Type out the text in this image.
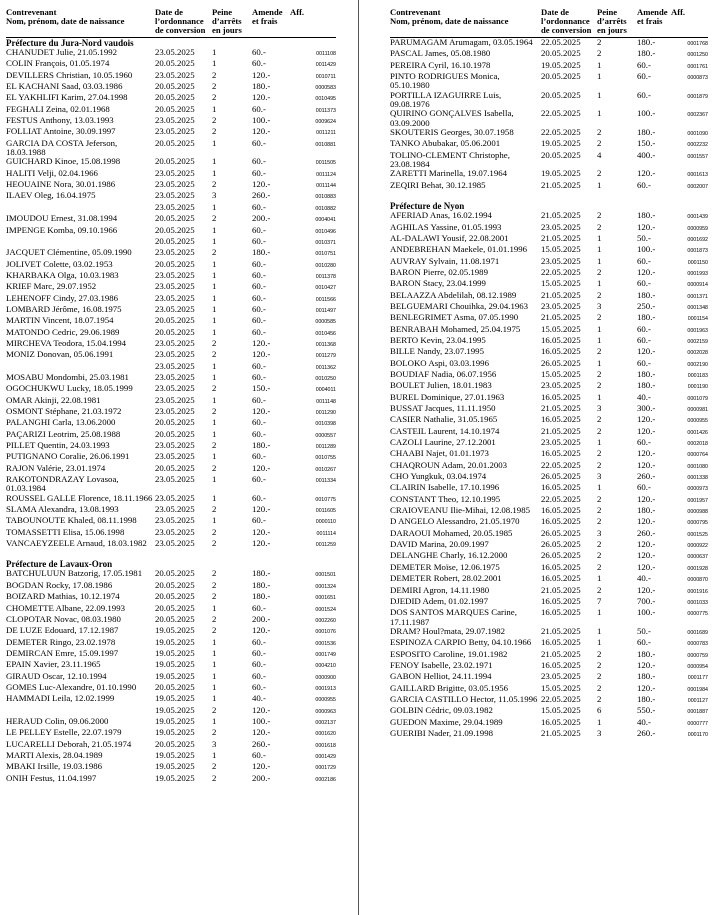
Contrevenant
Nom, prénom, date de naissance
Date de
l’ordonnance
de conversion
Peine
d’arrêts
en jours
Amende
et frais
Aff.
Préfecture du Jura-Nord vaudois
CHANUDET Julie, 21.05.1992	23.05.2025	1	60.-	0011108
COLIN François, 01.05.1974	20.05.2025	1	60.-	0011429
DEVILLERS Christian, 10.05.1960	23.05.2025	2	120.-	0010711
EL KACHANI Saad, 03.03.1986	20.05.2025	2	180.-	0000583
EL YAKHLIFI Karim, 27.04.1998	20.05.2025	2	120.-	0010495
FEGHALI Zeina, 02.01.1968	20.05.2025	1	60.-	0011373
FESTUS Anthony, 13.03.1993	23.05.2025	2	100.-	0009624
FOLLIAT Antoine, 30.09.1997	23.05.2025	2	120.-	0011211
GARCIA DA COSTA Jeferson, 18.03.1988
20.05.2025	1	60.-	0010881
GUICHARD Kinoe, 15.08.1998	20.05.2025	1	60.-	0011505
HALITI Velji, 02.04.1966	23.05.2025	1	60.-	0011124
HEOUAINE Nora, 30.01.1986	23.05.2025	2	120.-	0011144
ILAEV Oleg, 16.04.1975	23.05.2025	3	260.-	0010883
23.05.2025	1	60.-	0010882
IMOUDOU Ernest, 31.08.1994	20.05.2025	2	200.-	0004041
IMPENGE Komba, 09.10.1966	20.05.2025	1	60.-	0010496
20.05.2025	1	60.-	0010371
JACQUET Clémentine, 05.09.1990	23.05.2025	2	180.-	0010751
JOLIVET Colette, 03.02.1953	20.05.2025	1	60.-	0010280
KHARBAKA Olga, 10.03.1983	23.05.2025	1	60.-	0011378
KRIEF Marc, 29.07.1952	23.05.2025	1	60.-	0010427
LEHENOFF Cindy, 27.03.1986	23.05.2025	1	60.-	0011566
LOMBARD Jérôme, 16.08.1975	23.05.2025	1	60.-	0011497
MARTIN Vincent, 18.07.1954	20.05.2025	1	60.-	0000585
MATONDO Cedric, 29.06.1989	20.05.2025	1	60.-	0010456
MIRCHEVA Teodora, 15.04.1994	23.05.2025	2	120.-	0011368
MONIZ Donovan, 05.06.1991	23.05.2025	2	120.-	0011279
23.05.2025	1	60.-	0011362
MOSABU Mondombi, 25.03.1981	23.05.2025	1	60.-	0010250
OGOCHUKWU Lucky, 18.05.1999	23.05.2025	2	150.-	0004011
OMAR Akinji, 22.08.1981	23.05.2025	1	60.-	0011148
OSMONT Stéphane, 21.03.1972	23.05.2025	2	120.-	0011290
PALANGHI Carla, 13.06.2000	20.05.2025	1	60.-	0010398
PAÇARIZI Leotrim, 25.08.1988	20.05.2025	1	60.-	0000557
PILLET Quentin, 24.03.1993	23.05.2025	2	180.-	0011289
PUTIGNANO Coralie, 26.06.1991	23.05.2025	1	60.-	0010755
RAJON Valérie, 23.01.1974	20.05.2025	2	120.-	0010267
RAKOTONDRAZAY Lovasoa, 01.03.1984
23.05.2025	1	60.-	0011334
ROUSSEL GALLE Florence, 18.11.1966 23.05.2025	1	60.-	0010775
SLAMA Alexandra, 13.08.1993	23.05.2025	2	120.-	0011605
TABOUNOUTE Khaled, 08.11.1998	23.05.2025	1	60.-	0000110
TOMASSETTI Elisa, 15.06.1998	23.05.2025	2	120.-	0011114
VANCAEYZEELE Arnaud, 18.03.1982 23.05.2025	2	120.-	0011259
Préfecture de Lavaux-Oron
BATCHULUUN Batzorig, 17.05.1981	20.05.2025	2	180.-	0001501
BOGDAN Rocky, 17.08.1986	20.05.2025	2	180.-	0001324
BOIZARD Mathias, 10.12.1974	20.05.2025	2	180.-	0001651
CHOMETTE Albane, 22.09.1993	20.05.2025	1	60.-	0001524
CLOPOTAR Novac, 08.03.1980	20.05.2025	2	200.-	0002260
DE LUZE Edouard, 17.12.1987	19.05.2025	2	120.-	0001076
DEMETER Ringo, 23.02.1978	19.05.2025	1	60.-	0001536
DEMIRCAN Emre, 15.09.1997	19.05.2025	1	60.-	0001749
EPAIN Xavier, 23.11.1965	19.05.2025	1	60.-	0004210
GIRAUD Oscar, 12.10.1994	19.05.2025	1	60.-	0000900
GOMES Luc-Alexandre, 01.10.1990	20.05.2025	1	60.-	0001913
HAMMADI Leila, 12.02.1999	19.05.2025	1	40.-	0000955
19.05.2025	2	120.-	0000963
HERAUD Colin, 09.06.2000	19.05.2025	1	100.-	0002137
LE PELLEY Estelle, 22.07.1979	19.05.2025	2	120.-	0001620
LUCARELLI Deborah, 21.05.1974	20.05.2025	3	260.-	0001618
MARTI Alexis, 28.04.1989	19.05.2025	1	60.-	0001429
MBAKI Irsille, 19.03.1986	19.05.2025	2	120.-	0001729
ONIH Festus, 11.04.1997	19.05.2025	2	200.-	0002186
Contrevenant
Nom, prénom, date de naissance
Date de
l’ordonnance
de conversion
Peine
d’arrêts
en jours
Amende
et frais
Aff.
PARUMAGAM Arumagam, 03.05.1964 22.05.2025	2	180.-	0001768
PASCAL James, 05.08.1980	20.05.2025	2	180.-	0001250
PEREIRA Cyril, 16.10.1978	19.05.2025	1	60.-	0001761
PINTO RODRIGUES Monica, 05.10.1980
20.05.2025	1	60.-	0000873
PORTILLA IZAGUIRRE Luis, 09.08.1976
20.05.2025	1	60.-	0001879
QUIRINO GONÇALVES Isabella, 03.09.2000
22.05.2025	1	100.-	0002367
SKOUTERIS Georges, 30.07.1958	22.05.2025	2	180.-	0001090
TANKO Abubakar, 05.06.2001	19.05.2025	2	150.-	0002232
TOLINO-CLEMENT Christophe, 23.08.1984
20.05.2025	4	400.-	0001557
ZARETTI Marinella, 19.07.1964	19.05.2025	2	120.-	0001613
ZEQIRI Behat, 30.12.1985	21.05.2025	1	60.-	0002007
Préfecture de Nyon
AFERIAD Anas, 16.02.1994	21.05.2025	2	180.-	0001439
AGHILAS Yassine, 01.05.1993	23.05.2025	2	120.-	0000959
AL-DALAWI Yousif, 22.08.2001	21.05.2025	1	50.-	0001692
ANDEBREHAN Maekele, 01.01.1996	15.05.2025	1	100.-	0001873
AUVRAY Sylvain, 11.08.1971	23.05.2025	1	60.-	0001150
BARON Pierre, 02.05.1989	22.05.2025	2	120.-	0001993
BARON Stacy, 23.04.1999	15.05.2025	1	60.-	0000914
BELAAZZA Abdelilah, 08.12.1989	21.05.2025	2	180.-	0001371
BELGUEMARI Chouihka, 29.04.1963	23.05.2025	3	250.-	0001348
BENLEGRIMET Asma, 07.05.1990	21.05.2025	2	180.-	0001154
BENRABAH Mohamed, 25.04.1975	15.05.2025	1	60.-	0001963
BERTO Kevin, 23.04.1995	16.05.2025	1	60.-	0002159
BILLE Nandy, 23.07.1995	16.05.2025	2	120.-	0002028
BOLOKO Aspi, 03.03.1996	26.05.2025	1	60.-	0002190
BOUDIAF Nadia, 06.07.1956	15.05.2025	2	180.-	0001183
BOULET Julien, 18.01.1983	23.05.2025	2	180.-	0001190
BUREL Dominique, 27.01.1963	16.05.2025	1	40.-	0001079
BUSSAT Jacques, 11.11.1950	21.05.2025	3	300.-	0000981
CASIER Nathalie, 31.05.1965	16.05.2025	2	120.-	0000955
CASTEIL Laurent, 14.10.1974	21.05.2025	2	120.-	0001426
CAZOLI Laurine, 27.12.2001	23.05.2025	1	60.-	0002018
CHAABI Najet, 01.01.1973	16.05.2025	2	120.-	0000764
CHAQROUN Adam, 20.01.2003	22.05.2025	2	120.-	0001080
CHO Yungkuk, 03.04.1974	26.05.2025	3	260.-	0001338
CLAIRIN Isabelle, 17.10.1996	16.05.2025	1	60.-	0000973
CONSTANT Theo, 12.10.1995	22.05.2025	2	120.-	0001957
CRAIOVEANU Ilie-Mihai, 12.08.1985	16.05.2025	2	180.-	0000988
D ANGELO Alessandro, 21.05.1970	16.05.2025	2	120.-	0000795
DARAOUI Mohamed, 20.05.1985	26.05.2025	3	260.-	0001525
DAVID Marina, 20.09.1997	26.05.2025	2	120.-	0000922
DELANGHE Charly, 16.12.2000	26.05.2025	2	120.-	0000637
DEMETER Moïse, 12.06.1975	16.05.2025	2	120.-	0001928
DEMETER Robert, 28.02.2001	16.05.2025	1	40.-	0000870
DEMIRI Agron, 14.11.1980	21.05.2025	2	120.-	0001916
DJEDID Adem, 01.02.1997	16.05.2025	7	700.-	0001033
DOS SANTOS MARQUES Carine, 17.11.1987
16.05.2025	1	100.-	0000775
DRAM? Houl?mata, 29.07.1982	21.05.2025	1	50.-	0001689
ESPINOZA CARPIO Betty, 04.10.1966	16.05.2025	1	60.-	0000783
ESPOSITO Caroline, 19.01.1982	21.05.2025	2	180.-	0000759
FENOY Isabelle, 23.02.1971	16.05.2025	2	120.-	0000954
GABON Helliot, 24.11.1994	23.05.2025	2	180.-	0001177
GAILLARD Brigitte, 03.05.1956	15.05.2025	2	120.-	0001984
GARCIA CASTILLO Hector, 11.05.1996 22.05.2025	2	180.-	0001127
GOLBIN Cédric, 09.03.1982	15.05.2025	6	550.-	0001887
GUEDON Maxime, 29.04.1989	16.05.2025	1	40.-	0000777
GUERIBI Nader, 21.09.1998	21.05.2025	3	260.-	0001170
